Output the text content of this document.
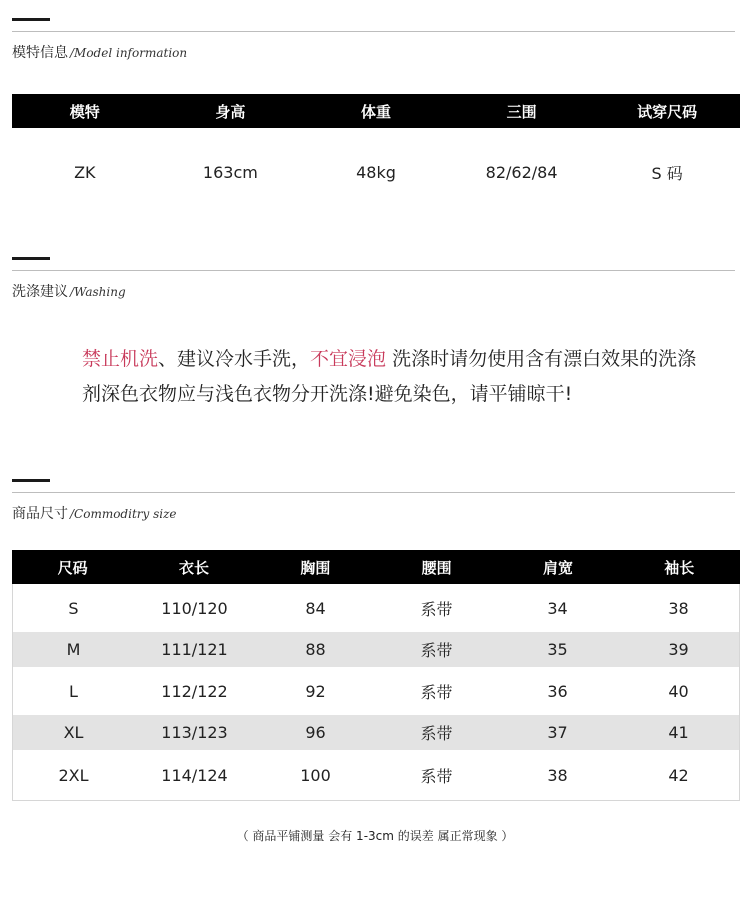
模特信息 /Model information
模特	身高	体重	三围	试穿尺码
ZK	163cm	48kg	82/62/84	S 码
洗涤建议 /Washing
禁止机洗、建议冷水手洗，不宜浸泡 洗涤时请勿使用含有漂白效果的洗涤剂深色衣物应与浅色衣物分开洗涤!避免染色，请平铺晾干!
商品尺寸 /Commoditry size
尺码	衣长	胸围	腰围	肩宽	袖长
S	110/120	84	系带	34	38
M	111/121	88	系带	35	39
L	112/122	92	系带	36	40
XL	113/123	96	系带	37	41
2XL	114/124	100	系带	38	42
（ 商品平铺测量 会有 1-3cm 的误差 属正常现象 ）
